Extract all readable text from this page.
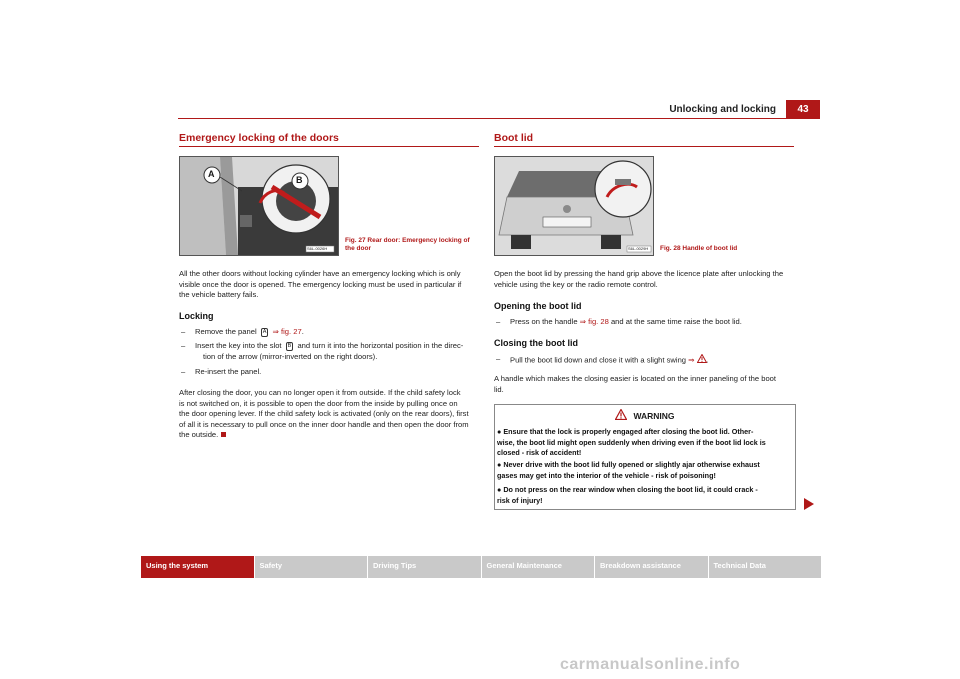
Unlocking and locking	43
Emergency locking of the doors
A
B
S6L-0026H
Fig. 27 Rear door: Emergency locking of the door
All the other doors without locking cylinder have an emergency locking which is only
visible once the door is opened. The emergency locking must be used in particular if
the vehicle battery fails.
Locking
– Remove the panel A ⇒ fig. 27.
– Insert the key into the slot B and turn it into the horizontal position in the direc-
tion of the arrow (mirror-inverted on the right doors).
– Re-insert the panel.
After closing the door, you can no longer open it from outside. If the child safety lock
is not switched on, it is possible to open the door from the inside by pulling once on
the door opening lever. If the child safety lock is activated (only on the rear doors), first
of all it is necessary to pull once on the inner door handle and then open the door from
the outside.
Boot lid
S6L-0029H Fig. 28 Handle of boot lid
Open the boot lid by pressing the hand grip above the licence plate after unlocking the
vehicle using the key or the radio remote control.
Opening the boot lid
– Press on the handle ⇒ fig. 28 and at the same time raise the boot lid.
Closing the boot lid
– Pull the boot lid down and close it with a slight swing ⇒ .
A handle which makes the closing easier is located on the inner paneling of the boot
lid.
WARNING
● Ensure that the lock is properly engaged after closing the boot lid. Other-
wise, the boot lid might open suddenly when driving even if the boot lid lock is
closed - risk of accident!
● Never drive with the boot lid fully opened or slightly ajar otherwise exhaust
gases may get into the interior of the vehicle - risk of poisoning!
● Do not press on the rear window when closing the boot lid, it could crack -
risk of injury!
Using the system	Safety	Driving Tips	General Maintenance	Breakdown assistance	Technical Data
carmanualsonline.info
